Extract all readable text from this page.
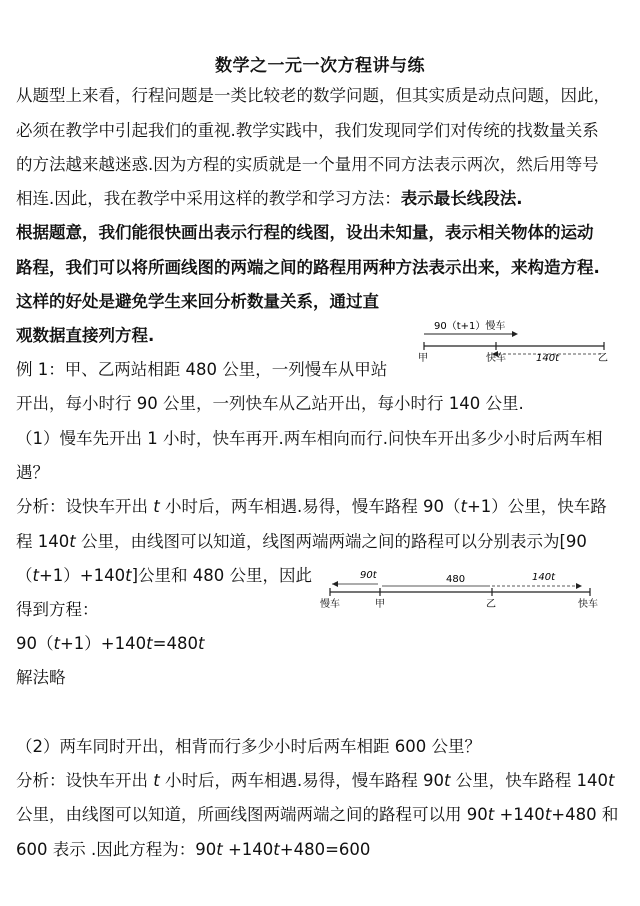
数学之一元一次方程讲与练
从题型上来看，行程问题是一类比较老的数学问题，但其实质是动点问题，因此，
必须在教学中引起我们的重视.教学实践中，我们发现同学们对传统的找数量关系
的方法越来越迷惑.因为方程的实质就是一个量用不同方法表示两次，然后用等号
相连.因此，我在教学中采用这样的教学和学习方法：表示最长线段法.
根据题意，我们能很快画出表示行程的线图，设出未知量，表示相关物体的运动
路程，我们可以将所画线图的两端之间的路程用两种方法表示出来，来构造方程.
这样的好处是避免学生来回分析数量关系，通过直
观数据直接列方程.	90（t+1）慢车
甲	快车	140t	乙
例 1：甲、乙两站相距 480 公里，一列慢车从甲站
开出，每小时行 90 公里，一列快车从乙站开出，每小时行 140 公里.
（1）慢车先开出 1 小时，快车再开.两车相向而行.问快车开出多少小时后两车相
遇？
分析：设快车开出 t 小时后，两车相遇.易得，慢车路程 90（t+1）公里，快车路
程 140t 公里，由线图可以知道，线图两端两端之间的路程可以分别表示为[90
（t+1）+140t]公里和 480 公里，因此	90t	480	140t
慢车	甲	乙	快车
得到方程：
90（t+1）+140t=480t
解法略
（2）两车同时开出，相背而行多少小时后两车相距 600 公里？
分析：设快车开出 t 小时后，两车相遇.易得，慢车路程 90t 公里，快车路程 140t
公里，由线图可以知道，所画线图两端两端之间的路程可以用 90t +140t+480 和
600 表示 .因此方程为：90t +140t+480=600
